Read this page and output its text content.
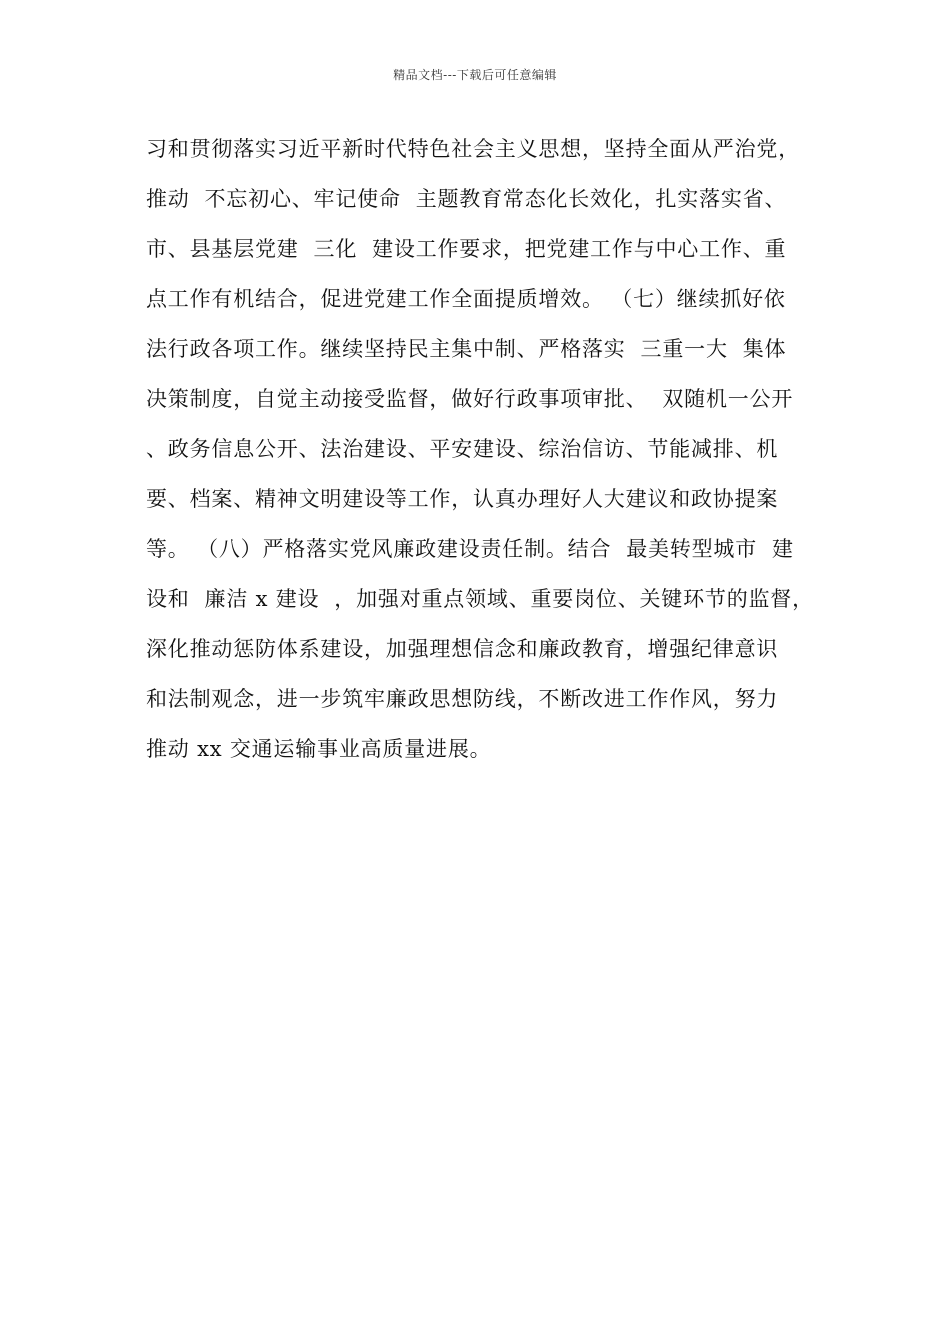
精品文档---下载后可任意编辑
习和贯彻落实习近平新时代特色社会主义思想，坚持全面从严治党，
推动  不忘初心、牢记使命  主题教育常态化长效化，扎实落实省、
市、县基层党建  三化  建设工作要求，把党建工作与中心工作、重
点工作有机结合，促进党建工作全面提质增效。 （七）继续抓好依
法行政各项工作。继续坚持民主集中制、严格落实  三重一大  集体
决策制度，自觉主动接受监督，做好行政事项审批、  双随机一公开
、政务信息公开、法治建设、平安建设、综治信访、节能减排、机
要、档案、精神文明建设等工作，认真办理好人大建议和政协提案
等。 （八）严格落实党风廉政建设责任制。结合  最美转型城市  建
设和  廉洁 x 建设  ，加强对重点领域、重要岗位、关键环节的监督，
深化推动惩防体系建设，加强理想信念和廉政教育，增强纪律意识
和法制观念，进一步筑牢廉政思想防线，不断改进工作作风，努力
推动 xx 交通运输事业高质量进展。
